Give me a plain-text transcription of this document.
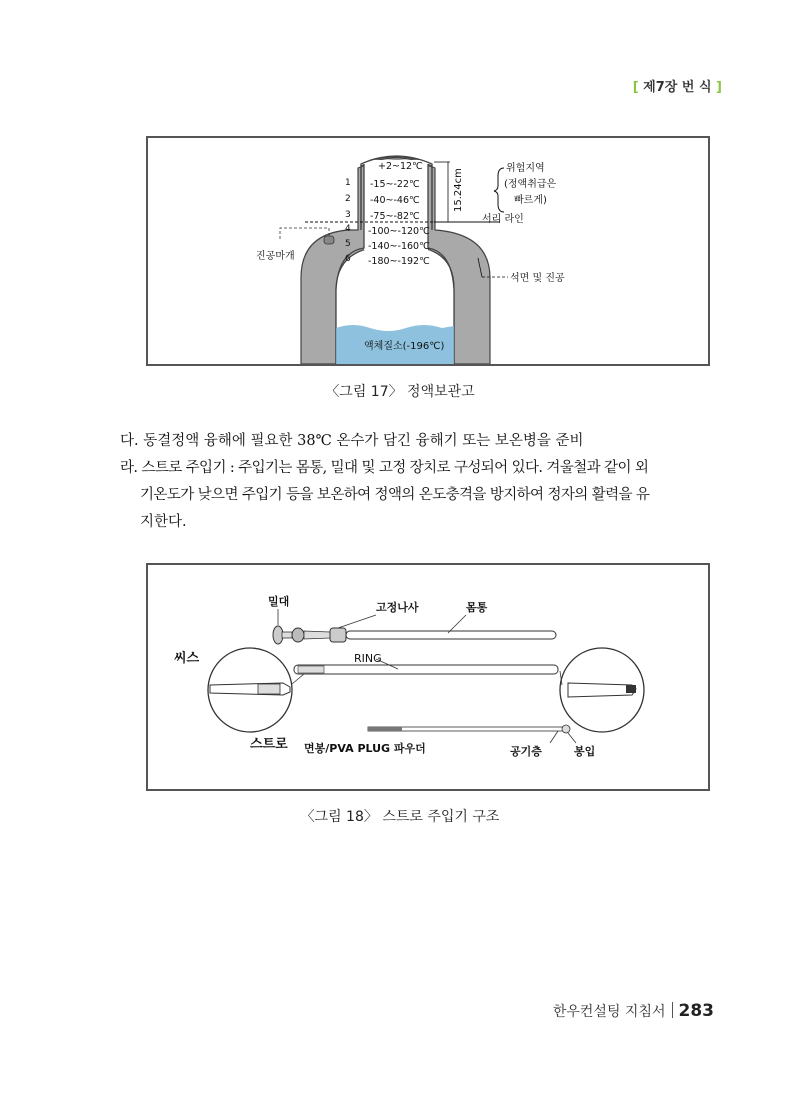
[ 제7장 번 식 ]
+2~12℃
-15~-22℃
-40~-46℃
-75~-82℃
-100~-120℃
-140~-160℃
-180~-192℃
1
2
3
4
5
6
15.24cm	위험지역
(정액취급은
빠르게)
서리 라인
진공마개
석면 및 진공
액체질소(-196℃)
〈그림 17〉 정액보관고

다. 동결정액 융해에 필요한 38℃ 온수가 담긴 융해기 또는 보온병을 준비

라. 스트로 주입기 : 주입기는 몸통, 밀대 및 고정 장치로 구성되어 있다. 겨울철과 같이 외

기온도가 낮으면 주입기 등을 보온하여 정액의 온도충격을 방지하여 정자의 활력을 유

지한다.

밀대	고정나사	몸통
씨스	RING
스트로 면봉/PVA PLUG 파우더	공기층	봉입
〈그림 18〉 스트로 주입기 구조
한우컨설팅 지침서 283
